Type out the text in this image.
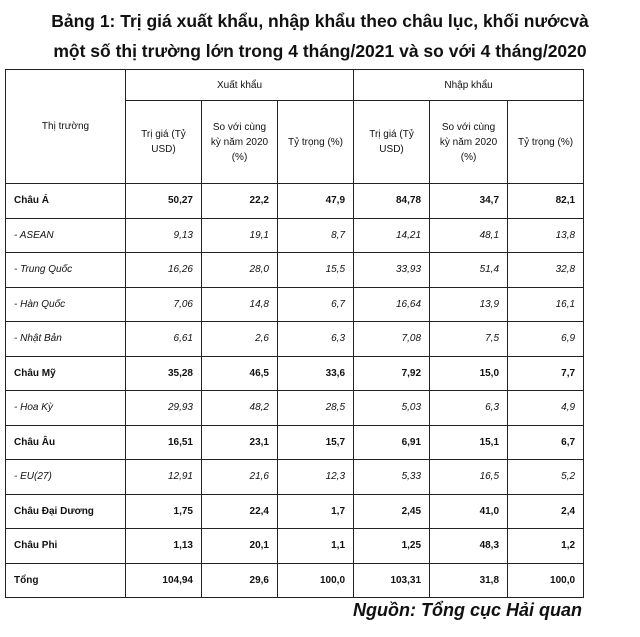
Bảng 1: Trị giá xuất khẩu, nhập khẩu theo châu lục, khối nướcvà
một số thị trường lớn trong 4 tháng/2021 và so với 4 tháng/2020
Thị trường	Xuất khẩu			Nhập khẩu		
	Trị giá (Tỷ USD)	So với cùng kỳ năm 2020 (%)	Tỷ trọng (%)	Trị giá (Tỷ USD)	So với cùng kỳ năm 2020 (%)	Tỷ trọng (%)
Châu Á	50,27	22,2	47,9	84,78	34,7	82,1
- ASEAN	9,13	19,1	8,7	14,21	48,1	13,8
- Trung Quốc	16,26	28,0	15,5	33,93	51,4	32,8
- Hàn Quốc	7,06	14,8	6,7	16,64	13,9	16,1
- Nhật Bản	6,61	2,6	6,3	7,08	7,5	6,9
Châu Mỹ	35,28	46,5	33,6	7,92	15,0	7,7
- Hoa Kỳ	29,93	48,2	28,5	5,03	6,3	4,9
Châu Âu	16,51	23,1	15,7	6,91	15,1	6,7
- EU(27)	12,91	21,6	12,3	5,33	16,5	5,2
Châu Đại Dương	1,75	22,4	1,7	2,45	41,0	2,4
Châu Phi	1,13	20,1	1,1	1,25	48,3	1,2
Tổng	104,94	29,6	100,0	103,31	31,8	100,0
Nguồn: Tổng cục Hải quan
